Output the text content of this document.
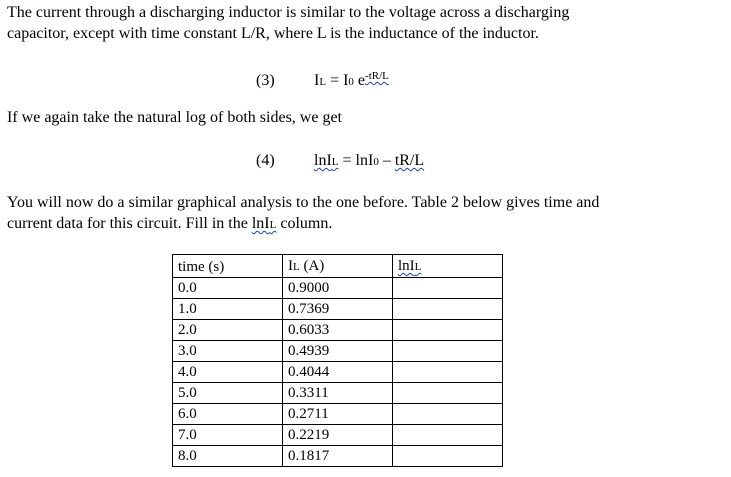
The current through a discharging inductor is similar to the voltage across a discharging

capacitor, except with time constant L/R, where L is the inductance of the inductor.

(3) IL = I0 $e^{-tR/L}$

If we again take the natural log of both sides, we get

(4) lnIL = lnI0 – tR/L

You will now do a similar graphical analysis to the one before. Table 2 below gives time and

current data for this circuit. Fill in the lnIL column.

time (s)	IL (A)	lnIL
0.0	0.9000	
1.0	0.7369	
2.0	0.6033	
3.0	0.4939	
4.0	0.4044	
5.0	0.3311	
6.0	0.2711	
7.0	0.2219	
8.0	0.1817	
